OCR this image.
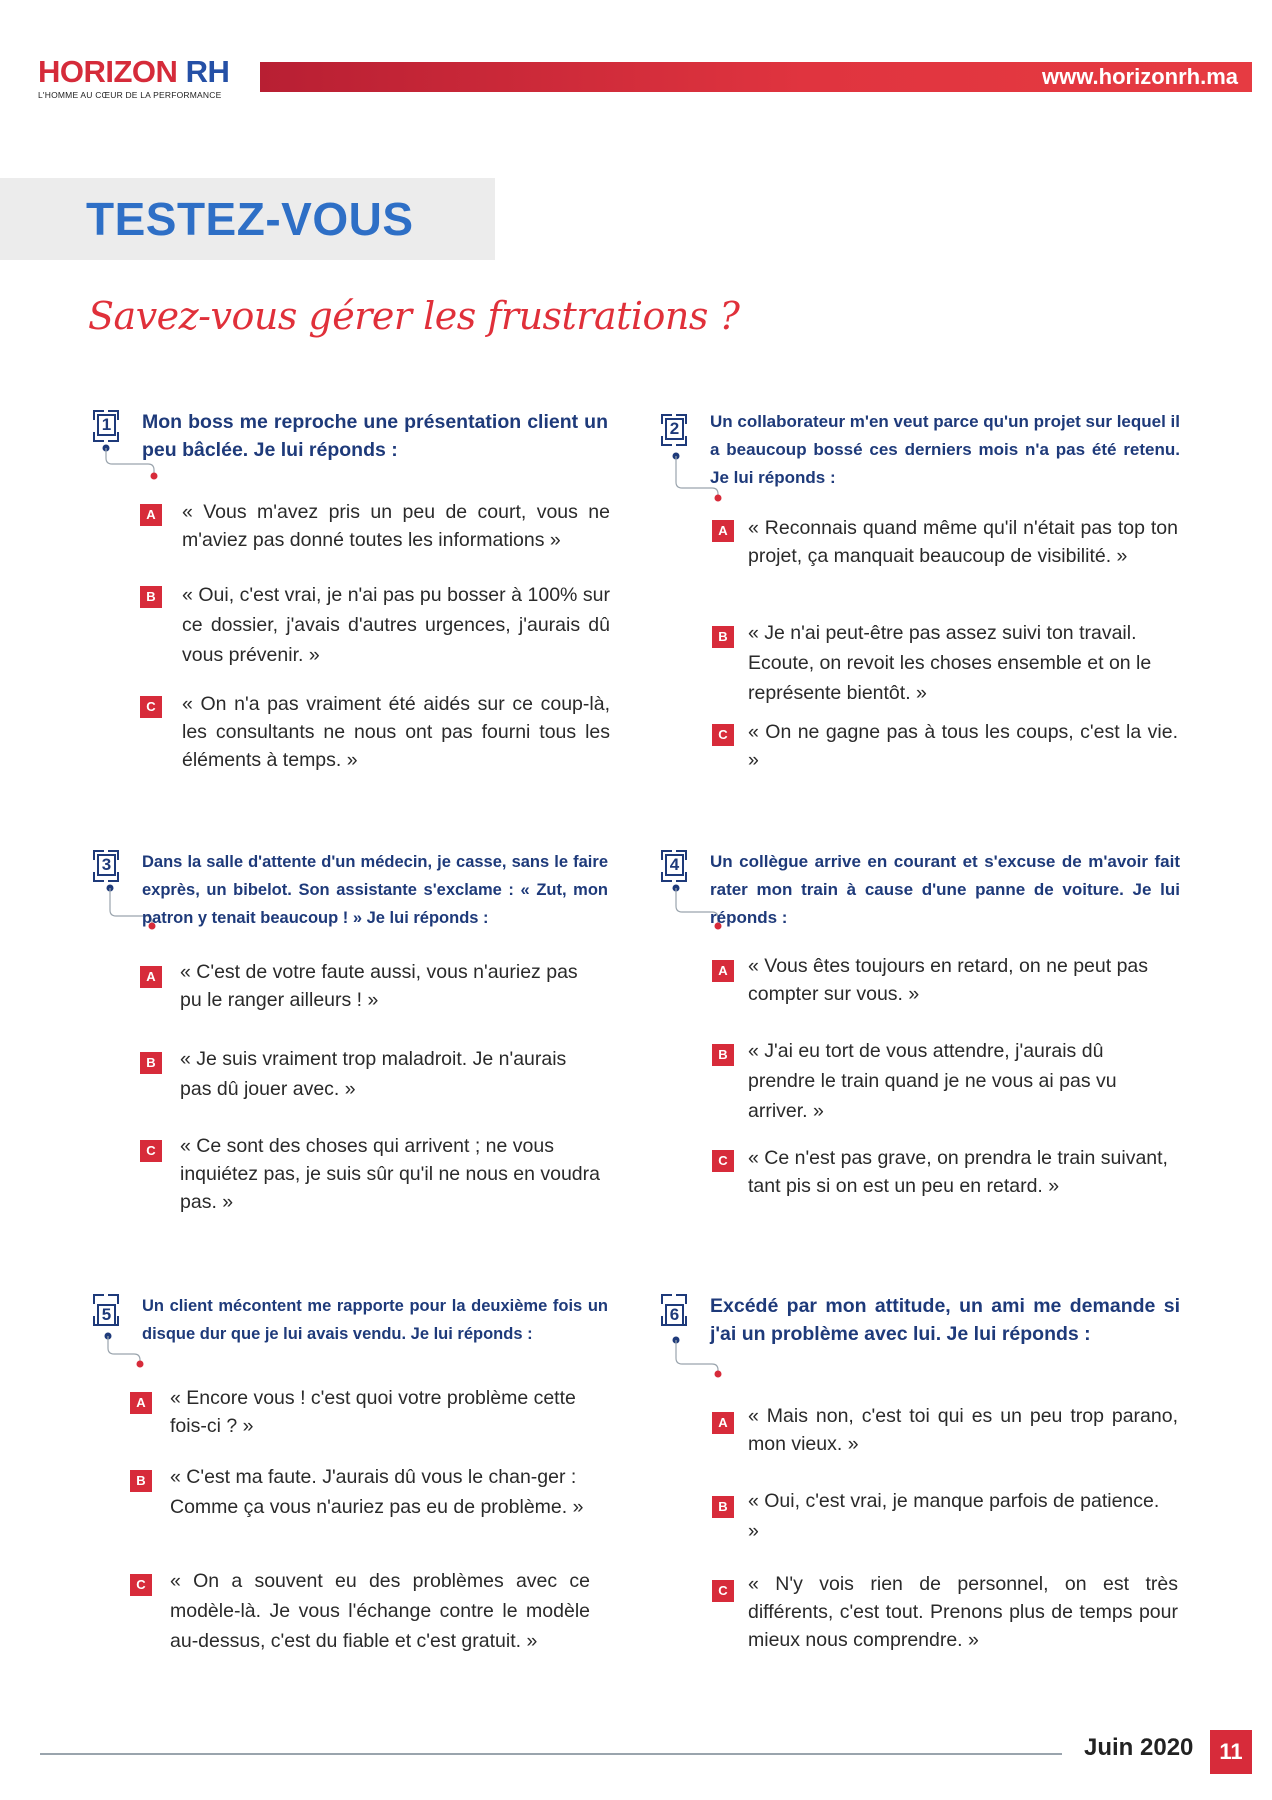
HORIZON RH
L'HOMME AU CŒUR DE LA PERFORMANCE
www.horizonrh.ma
TESTEZ-VOUS
Savez-vous gérer les frustrations ?
1 Mon boss me reproche une présentation client un peu bâclée. Je lui réponds :
A	« Vous m'avez pris un peu de court, vous ne m'aviez pas donné toutes les informations »
B	« Oui, c'est vrai, je n'ai pas pu bosser à 100% sur ce dossier, j'avais d'autres urgences, j'aurais dû vous prévenir. »
C	« On n'a pas vraiment été aidés sur ce coup-là, les consultants ne nous ont pas fourni tous les éléments à temps. »
2 Un collaborateur m'en veut parce qu'un projet sur lequel il a beaucoup bossé ces derniers mois n'a pas été retenu. Je lui réponds :
A	« Reconnais quand même qu'il n'était pas top ton projet, ça manquait beaucoup de visibilité. »
B	« Je n'ai peut-être pas assez suivi ton travail. Ecoute, on revoit les choses ensemble et on le représente bientôt. »
C	« On ne gagne pas à tous les coups, c'est la vie. »
3 Dans la salle d'attente d'un médecin, je casse, sans le faire exprès, un bibelot. Son assistante s'exclame : « Zut, mon patron y tenait beaucoup ! » Je lui réponds :
A	« C'est de votre faute aussi, vous n'auriez pas pu le ranger ailleurs ! »
B	« Je suis vraiment trop maladroit. Je n'aurais pas dû jouer avec. »
C	« Ce sont des choses qui arrivent ; ne vous inquiétez pas, je suis sûr qu'il ne nous en voudra pas. »
4 Un collègue arrive en courant et s'excuse de m'avoir fait rater mon train à cause d'une panne de voiture. Je lui réponds :
A	« Vous êtes toujours en retard, on ne peut pas compter sur vous. »
B	« J'ai eu tort de vous attendre, j'aurais dû prendre le train quand je ne vous ai pas vu arriver. »
C	« Ce n'est pas grave, on prendra le train suivant, tant pis si on est un peu en retard. »
5 Un client mécontent me rapporte pour la deuxième fois un disque dur que je lui avais vendu. Je lui réponds :
A	« Encore vous ! c'est quoi votre problème cette fois-ci ? »
B	« C'est ma faute. J'aurais dû vous le chan-ger : Comme ça vous n'auriez pas eu de problème. »
C	« On a souvent eu des problèmes avec ce modèle-là. Je vous l'échange contre le modèle au-dessus, c'est du fiable et c'est gratuit. »
6 Excédé par mon attitude, un ami me demande si j'ai un problème avec lui. Je lui réponds :
A	« Mais non, c'est toi qui es un peu trop parano, mon vieux. »
B	« Oui, c'est vrai, je manque parfois de patience. »
C	« N'y vois rien de personnel, on est très différents, c'est tout. Prenons plus de temps pour mieux nous comprendre. »
Juin 2020	11
